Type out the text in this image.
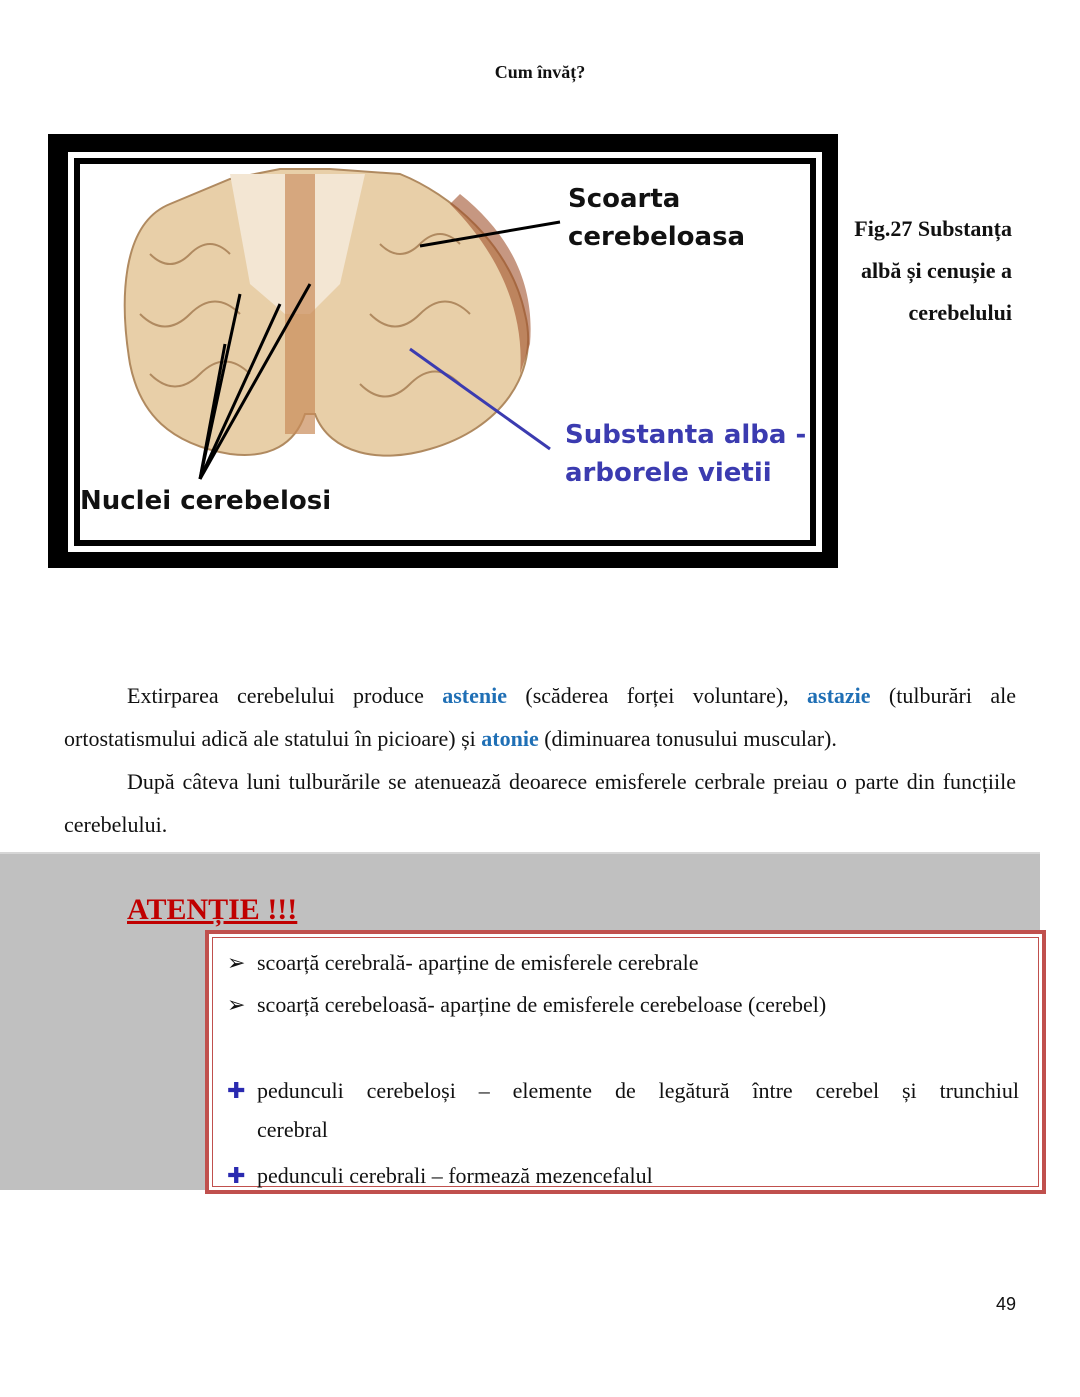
Cum învăț?
Fig.27 Substanța
albă și cenușie a
cerebelului
Scoarta
cerebeloasa
Substanta alba -
arborele vietii
Nuclei cerebelosi
Extirparea cerebelului produce astenie (scăderea forței voluntare), astazie (tulburări ale ortostatismului adică ale statului în picioare) și atonie (diminuarea tonusului muscular).
După câteva luni tulburările se atenuează deoarece emisferele cerbrale preiau o parte din funcțiile cerebelului.
ATENȚIE !!!
➢ scoarță cerebrală- aparține de emisferele cerebrale
➢ scoarță cerebeloasă- aparține de emisferele cerebeloase (cerebel)
✚ pedunculi cerebeloși – elemente de legătură între cerebel și trunchiul
cerebral
✚ pedunculi cerebrali – formează mezencefalul
49
